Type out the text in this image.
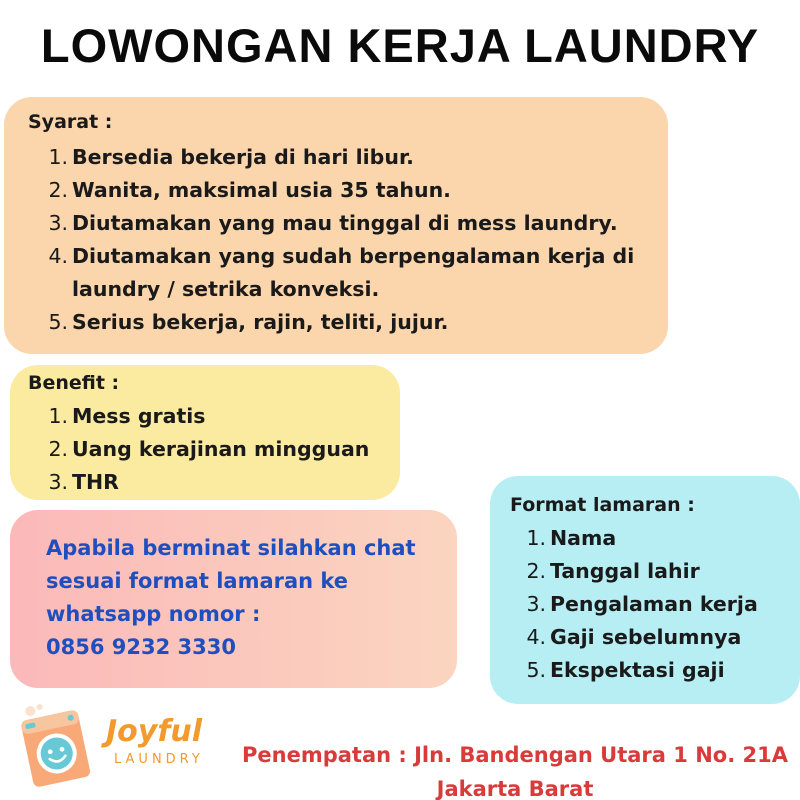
LOWONGAN KERJA LAUNDRY
Syarat :
1. Bersedia bekerja di hari libur.
2. Wanita, maksimal usia 35 tahun.
3. Diutamakan yang mau tinggal di mess laundry.
4. Diutamakan yang sudah berpengalaman kerja di laundry / setrika konveksi.
5. Serius bekerja, rajin, teliti, jujur.
Benefit :
1. Mess gratis
2. Uang kerajinan mingguan
3. THR

Apabila berminat silahkan chat
sesuai format lamaran ke
whatsapp nomor :
0856 9232 3330

Format lamaran :
1. Nama
2. Tanggal lahir
3. Pengalaman kerja
4. Gaji sebelumnya
5. Ekspektasi gaji
Joyful
LAUNDRY	Penempatan : Jln. Bandengan Utara 1 No. 21A
Jakarta Barat
